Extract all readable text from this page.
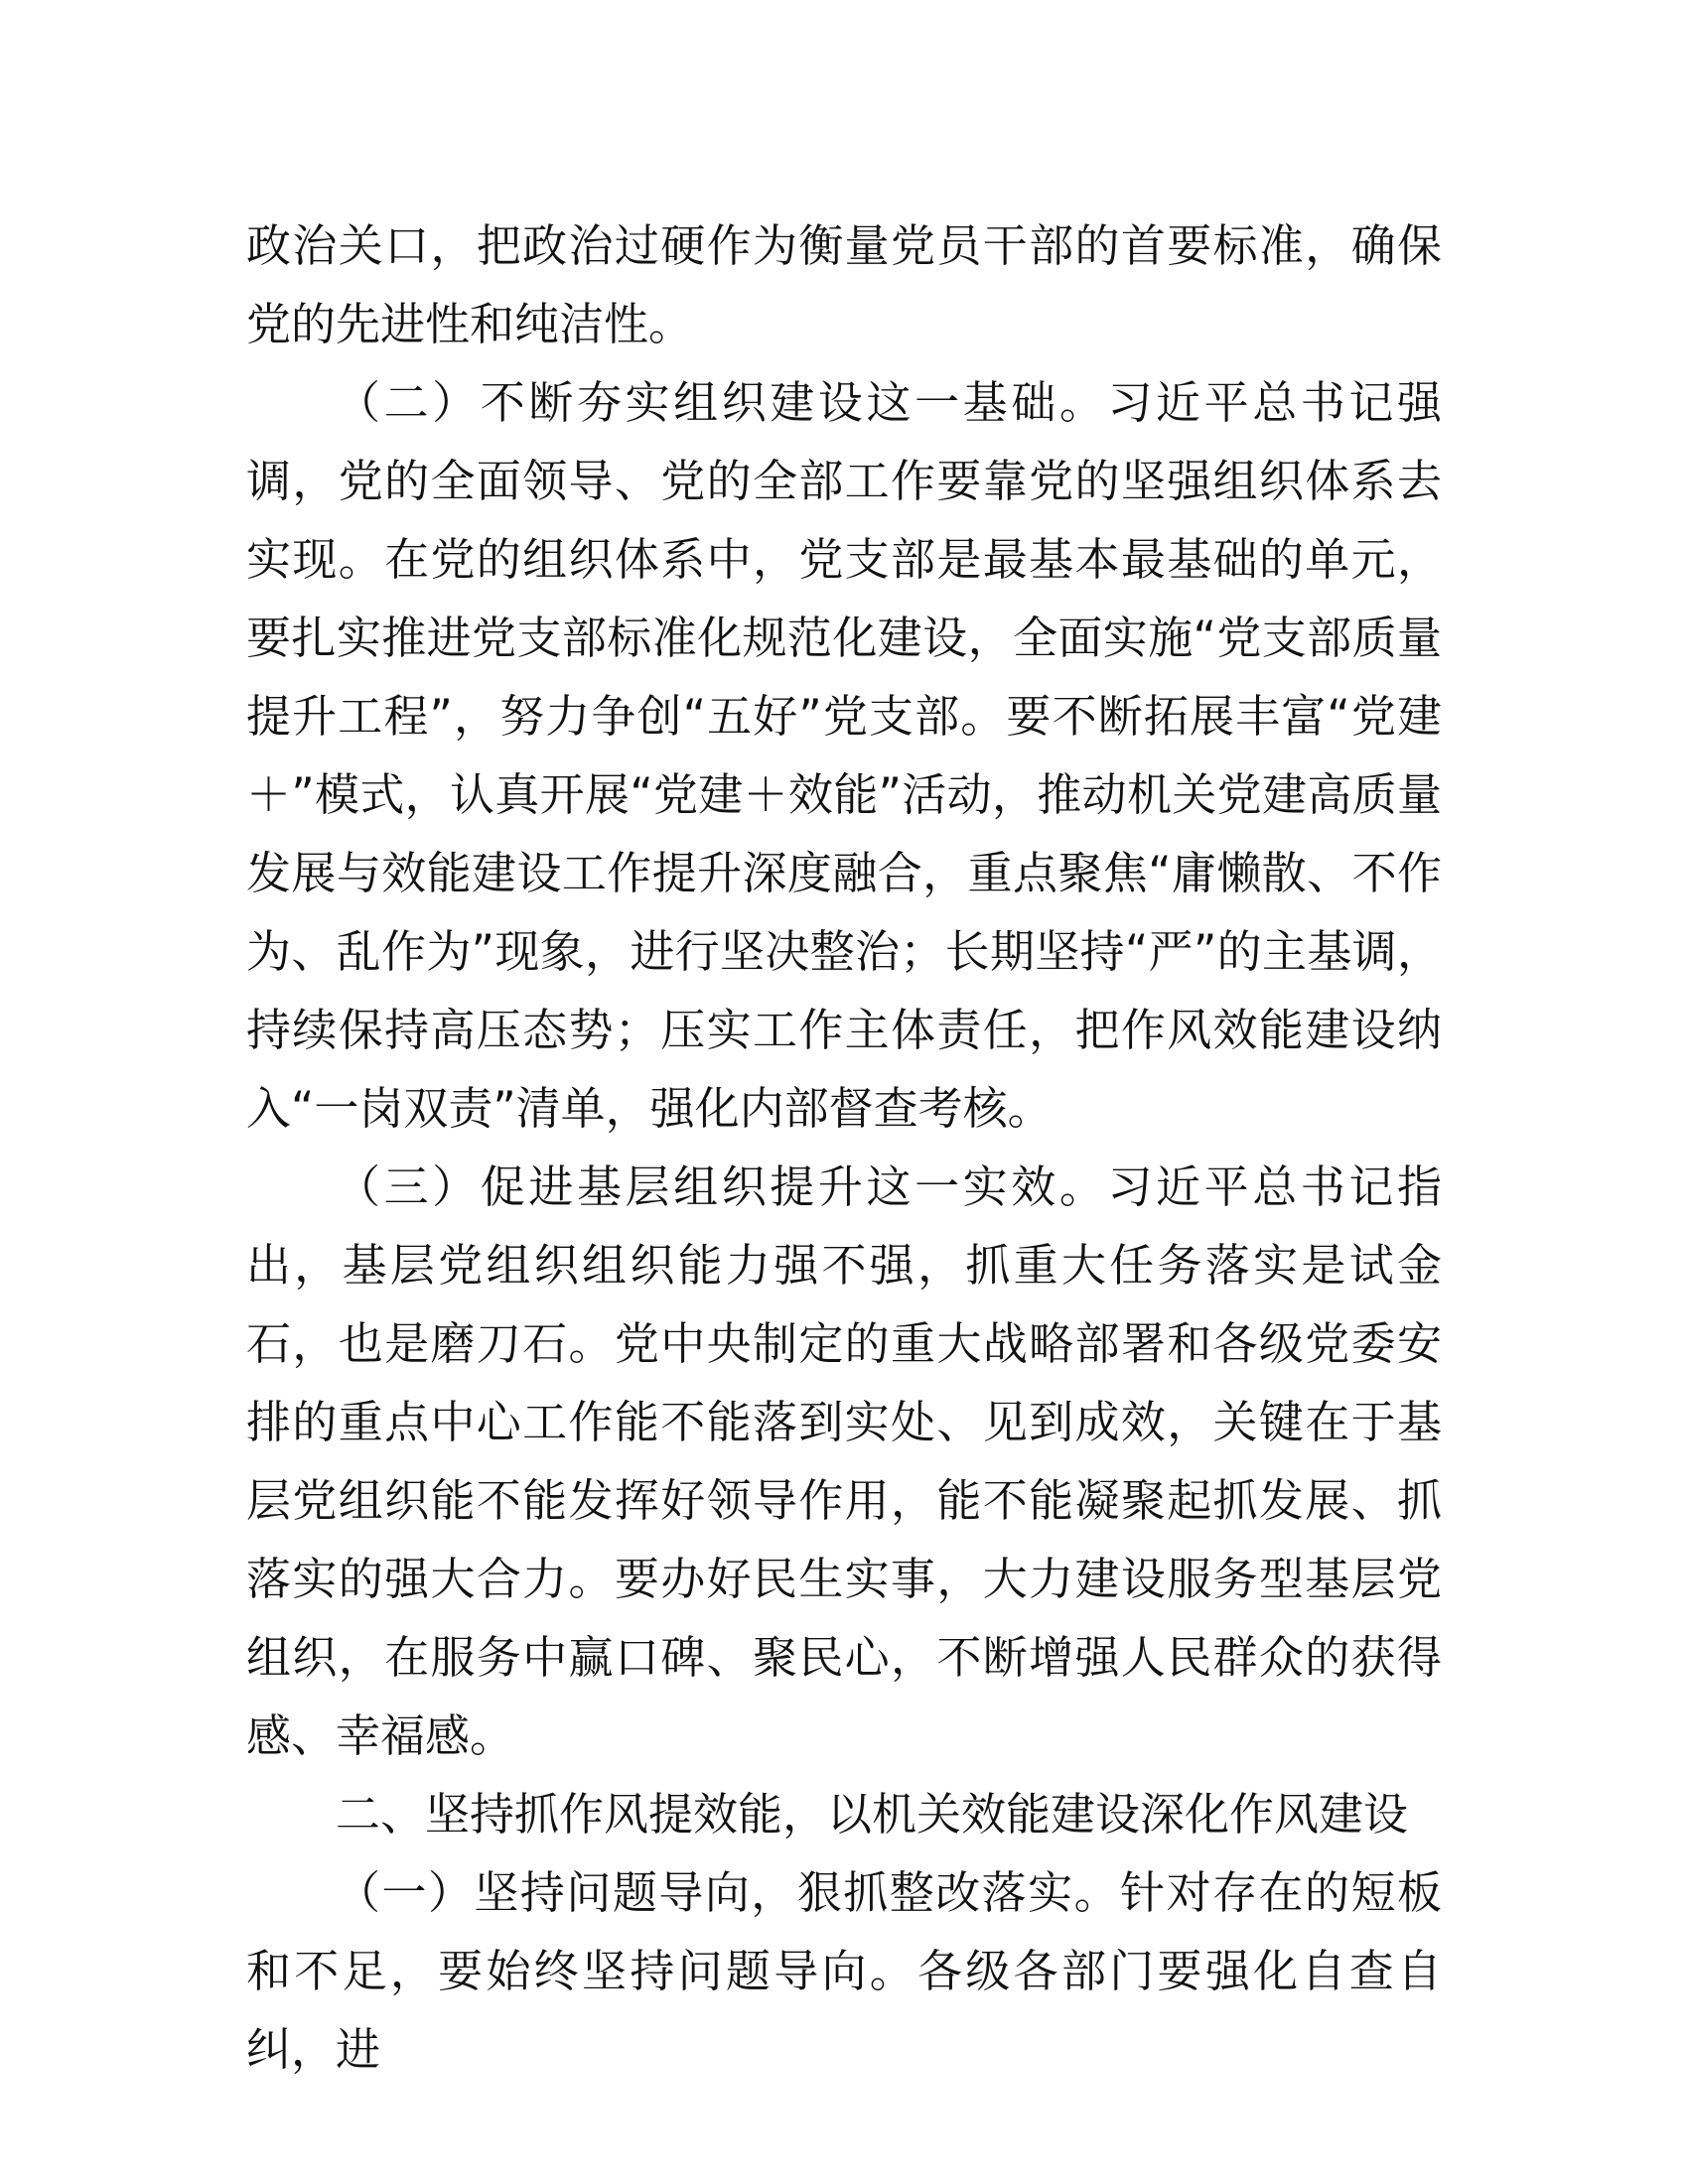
政治关口，把政治过硬作为衡量党员干部的首要标准，确保党的先进性和纯洁性。

（二）不断夯实组织建设这一基础。习近平总书记强调，党的全面领导、党的全部工作要靠党的坚强组织体系去实现。在党的组织体系中，党支部是最基本最基础的单元，要扎实推进党支部标准化规范化建设，全面实施“党支部质量提升工程”，努力争创“五好”党支部。要不断拓展丰富“党建＋”模式，认真开展“党建＋效能”活动，推动机关党建高质量发展与效能建设工作提升深度融合，重点聚焦“庸懒散、不作为、乱作为”现象，进行坚决整治；长期坚持“严”的主基调，持续保持高压态势；压实工作主体责任，把作风效能建设纳入“一岗双责”清单，强化内部督查考核。

（三）促进基层组织提升这一实效。习近平总书记指出，基层党组织组织能力强不强，抓重大任务落实是试金石，也是磨刀石。党中央制定的重大战略部署和各级党委安排的重点中心工作能不能落到实处、见到成效，关键在于基层党组织能不能发挥好领导作用，能不能凝聚起抓发展、抓落实的强大合力。要办好民生实事，大力建设服务型基层党组织，在服务中赢口碑、聚民心，不断增强人民群众的获得感、幸福感。

二、坚持抓作风提效能，以机关效能建设深化作风建设

（一）坚持问题导向，狠抓整改落实。针对存在的短板和不足，要始终坚持问题导向。各级各部门要强化自查自纠，进
